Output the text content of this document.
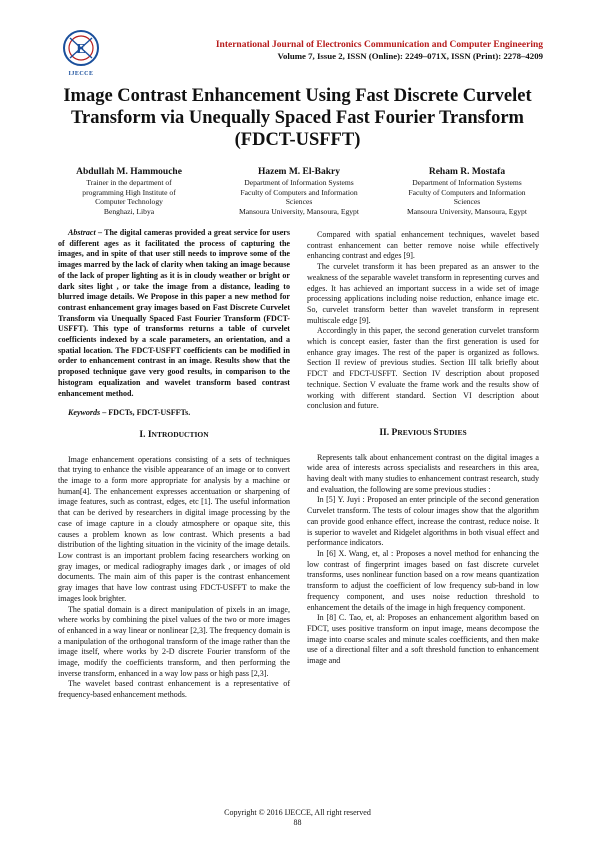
E
IJECCE
International Journal of Electronics Communication and Computer Engineering
Volume 7, Issue 2, ISSN (Online): 2249–071X, ISSN (Print): 2278–4209
Image Contrast Enhancement Using Fast Discrete Curvelet Transform via Unequally Spaced Fast Fourier Transform (FDCT-USFFT)
Abdullah M. Hammouche
Trainer in the department of
programming High Institute of
Computer Technology
Benghazi, Libya
Hazem M. El-Bakry
Department of Information Systems
Faculty of Computers and Information
Sciences
Mansoura University, Mansoura, Egypt
Reham R. Mostafa
Department of Information Systems
Faculty of Computers and Information
Sciences
Mansoura University, Mansoura, Egypt

Abstract – The digital cameras provided a great service for users of different ages as it facilitated the process of capturing the images, and in spite of that user still needs to improve some of the images marred by the lack of clarity when taking an image because of the lack of proper lighting as it is in cloudy weather or bright or dark sites light , or take the image from a distance, leading to blurred image details. We Propose in this paper a new method for contrast enhancement gray images based on Fast Discrete Curvelet Transform via Unequally Spaced Fast Fourier Transform (FDCT-USFFT). This type of transforms returns a table of curvelet coefficients indexed by a scale parameters, an orientation, and a spatial location. The FDCT-USFFT coefficients can be modified in order to enhancement contrast in an image. Results show that the proposed technique gave very good results, in comparison to the histogram equalization and wavelet transform based contrast enhancement method.

Keywords – FDCTs, FDCT-USFFTs.

I. INTRODUCTION

Image enhancement operations consisting of a sets of techniques that trying to enhance the visible appearance of an image or to convert the image to a form more appropriate for analysis by a machine or human[4]. The enhancement expresses accentuation or sharpening of image features, such as contrast, edges, etc [1]. The useful information that can be derived by researchers in digital image processing by the case of image capture in a cloudy atmosphere or opaque site, this causes a problem known as low contrast. Which presents a bad distribution of the lighting situation in the vicinity of the image details. Low contrast is an important problem facing researchers working on gray images, or medical radiography images dark , or images of old documents. The main aim of this paper is the contrast enhancement gray images that have low contrast using FDCT-USFFT to make the images look brighter.

The spatial domain is a direct manipulation of pixels in an image, where works by combining the pixel values of the two or more images of enhanced in a way linear or nonlinear [2,3]. The frequency domain is a manipulation of the orthogonal transform of the image rather than the image itself, where works by 2-D discrete Fourier transform of the image, modify the coefficients transform, and then performing the inverse transform, enhanced in a way low pass or high pass [2,3].

The wavelet based contrast enhancement is a representative of frequency-based enhancement methods.

Compared with spatial enhancement techniques, wavelet based contrast enhancement can better remove noise while effectively enhancing contrast and edges [9].

The curvelet transform it has been prepared as an answer to the weakness of the separable wavelet transform in representing curves and edges. It has achieved an important success in a wide set of image processing applications including noise reduction, enhance image etc. So, curvelet transform better than wavelet transform in represent multiscale edge [9].

Accordingly in this paper, the second generation curvelet transform which is concept easier, faster than the first generation is used for enhance gray images. The rest of the paper is organized as follows. Section II review of previous studies. Section III talk briefly about FDCT and FDCT-USFFT. Section IV description about proposed technique. Section V evaluate the frame work and the results show of working with different standard. Section VI description about conclusion and future.

II. PREVIOUS STUDIES

Represents talk about enhancement contrast on the digital images a wide area of interests across specialists and researchers in this area, having dealt with many studies to enhancement contrast research, study and evaluation, the following are some previous studies :

In [5] Y. Juyi : Proposed an enter principle of the second generation Curvelet transform. The tests of colour images show that the algorithm can provide good enhance effect, increase the contrast, reduce noise. It is superior to wavelet and Ridgelet algorithms in both visual effect and performance indicators.

In [6] X. Wang, et, al : Proposes a novel method for enhancing the low contrast of fingerprint images based on fast discrete curvelet transforms, uses nonlinear function based on a row means quantization transform to adjust the coefficient of low frequency sub-band in low frequency component, and uses noise reduction threshold to enhancement the details of the image in high frequency component.

In [8] C. Tao, et, al: Proposes an enhancement algorithm based on FDCT, uses positive transform on input image, means decompose the image into coarse scales and minute scales coefficients, and then make use of a directional filter and a soft threshold function to enhancement image and

Copyright © 2016 IJECCE, All right reserved
88
